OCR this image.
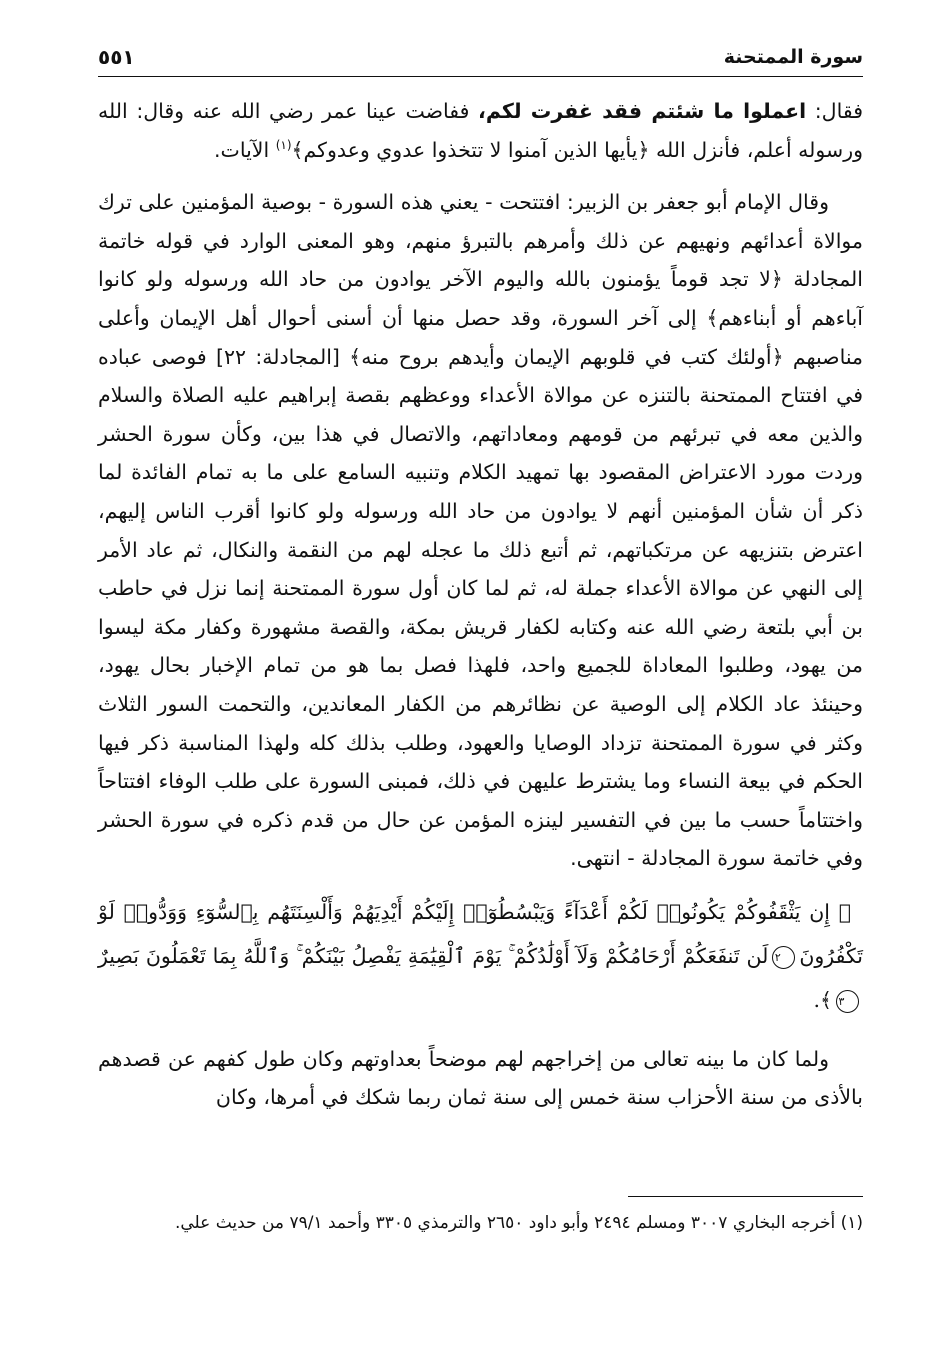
سورة الممتحنة
٥٥١

فقال: اعملوا ما شئتم فقد غفرت لكم، ففاضت عينا عمر رضي الله عنه وقال: الله ورسوله أعلم، فأنزل الله ﴿يأيها الذين آمنوا لا تتخذوا عدوي وعدوكم﴾$^{(١)}$ الآيات.

وقال الإمام أبو جعفر بن الزبير: افتتحت - يعني هذه السورة - بوصية المؤمنين على ترك موالاة أعدائهم ونهيهم عن ذلك وأمرهم بالتبرؤ منهم، وهو المعنى الوارد في قوله خاتمة المجادلة ﴿لا تجد قوماً يؤمنون بالله واليوم الآخر يوادون من حاد الله ورسوله ولو كانوا آباءهم أو أبناءهم﴾ إلى آخر السورة، وقد حصل منها أن أسنى أحوال أهل الإيمان وأعلى مناصبهم ﴿أولئك كتب في قلوبهم الإيمان وأيدهم بروح منه﴾ [المجادلة: ٢٢] فوصى عباده في افتتاح الممتحنة بالتنزه عن موالاة الأعداء ووعظهم بقصة إبراهيم عليه الصلاة والسلام والذين معه في تبرئهم من قومهم ومعاداتهم، والاتصال في هذا بين، وكأن سورة الحشر وردت مورد الاعتراض المقصود بها تمهيد الكلام وتنبيه السامع على ما به تمام الفائدة لما ذكر أن شأن المؤمنين أنهم لا يوادون من حاد الله ورسوله ولو كانوا أقرب الناس إليهم، اعترض بتنزيهه عن مرتكباتهم، ثم أتبع ذلك ما عجله لهم من النقمة والنكال، ثم عاد الأمر إلى النهي عن موالاة الأعداء جملة له، ثم لما كان أول سورة الممتحنة إنما نزل في حاطب بن أبي بلتعة رضي الله عنه وكتابه لكفار قريش بمكة، والقصة مشهورة وكفار مكة ليسوا من يهود، وطلبوا المعاداة للجميع واحد، فلهذا فصل بما هو من تمام الإخبار بحال يهود، وحينئذ عاد الكلام إلى الوصية عن نظائرهم من الكفار المعاندين، والتحمت السور الثلاث وكثر في سورة الممتحنة تزداد الوصايا والعهود، وطلب بذلك كله ولهذا المناسبة ذكر فيها الحكم في بيعة النساء وما يشترط عليهن في ذلك، فمبنى السورة على طلب الوفاء افتتاحاً واختتاماً حسب ما بين في التفسير لينزه المؤمن عن حال من قدم ذكره في سورة الحشر وفي خاتمة سورة المجادلة - انتهى.

﴿ إِن يَثْقَفُوكُمْ يَكُونُوا۟ لَكُمْ أَعْدَآءً وَيَبْسُطُوٓا۟ إِلَيْكُمْ أَيْدِيَهُمْ وَأَلْسِنَتَهُم بِٱلسُّوٓءِ وَوَدُّوا۟ لَوْ تَكْفُرُونَ٢لَن تَنفَعَكُمْ أَرْحَامُكُمْ وَلَآ أَوْلَٰدُكُمْ ۚ يَوْمَ ٱلْقِيَٰمَةِ يَفْصِلُ بَيْنَكُمْ ۚ وَٱللَّهُ بِمَا تَعْمَلُونَ بَصِيرٌ٣﴾.

ولما كان ما بينه تعالى من إخراجهم لهم موضحاً بعداوتهم وكان طول كفهم عن قصدهم بالأذى من سنة الأحزاب سنة خمس إلى سنة ثمان ربما شكك في أمرها، وكان

(١) أخرجه البخاري ٣٠٠٧ ومسلم ٢٤٩٤ وأبو داود ٢٦٥٠ والترمذي ٣٣٠٥ وأحمد ٧٩/١ من حديث علي.
